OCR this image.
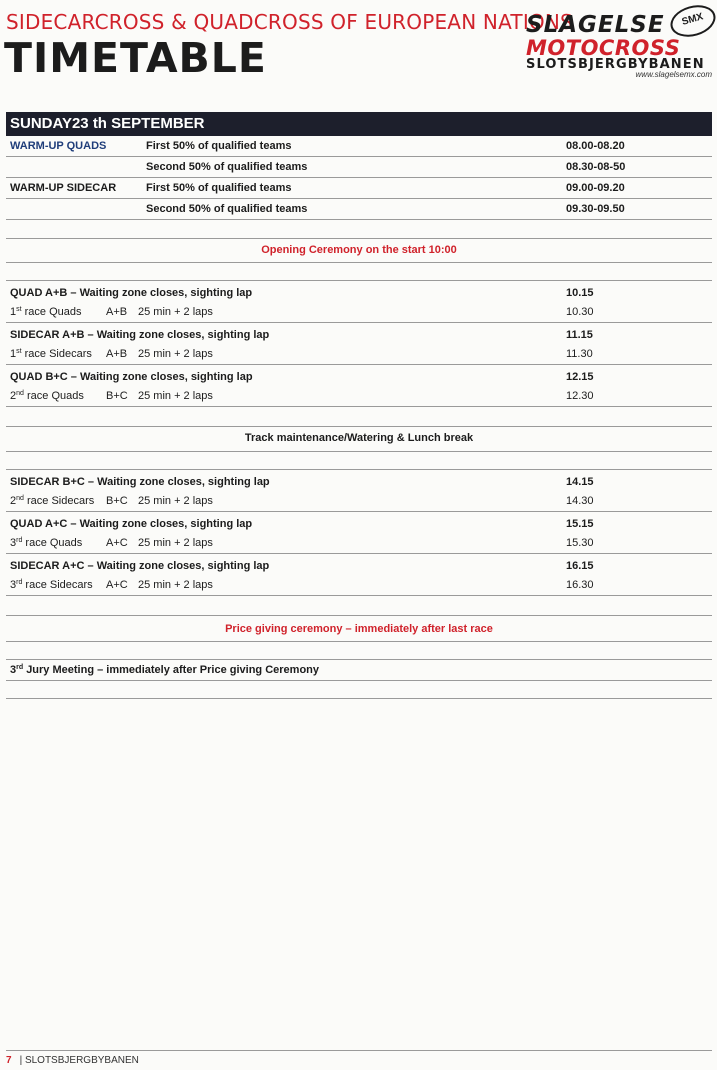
SIDECARCROSS & QUADCROSS OF EUROPEAN NATIONS
TIMETABLE
SLAGELSE	SMX
MOTOCROSS
SLOTSBJERGBYBANEN
www.slagelsemx.com
SUNDAY23 th SEPTEMBER
WARM-UP QUADS	First 50% of qualified teams	08.00-08.20
Second 50% of qualified teams	08.30-08-50
WARM-UP SIDECAR	First 50% of qualified teams	09.00-09.20
Second 50% of qualified teams	09.30-09.50
Opening Ceremony on the start 10:00
QUAD A+B – Waiting zone closes, sighting lap	10.15
1st race Quads A+B 25 min + 2 laps	10.30
SIDECAR A+B – Waiting zone closes, sighting lap	11.15
1st race Sidecars A+B 25 min + 2 laps	11.30
QUAD B+C – Waiting zone closes, sighting lap	12.15
2nd race Quads B+C 25 min + 2 laps	12.30
Track maintenance/Watering & Lunch break
SIDECAR B+C – Waiting zone closes, sighting lap	14.15
2nd race Sidecars B+C 25 min + 2 laps	14.30
QUAD A+C – Waiting zone closes, sighting lap	15.15
3rd race Quads A+C 25 min + 2 laps	15.30
SIDECAR A+C – Waiting zone closes, sighting lap	16.15
3rd race Sidecars A+C 25 min + 2 laps	16.30
Price giving ceremony – immediately after last race
3rd Jury Meeting – immediately after Price giving Ceremony
7 | SLOTSBJERGBYBANEN
